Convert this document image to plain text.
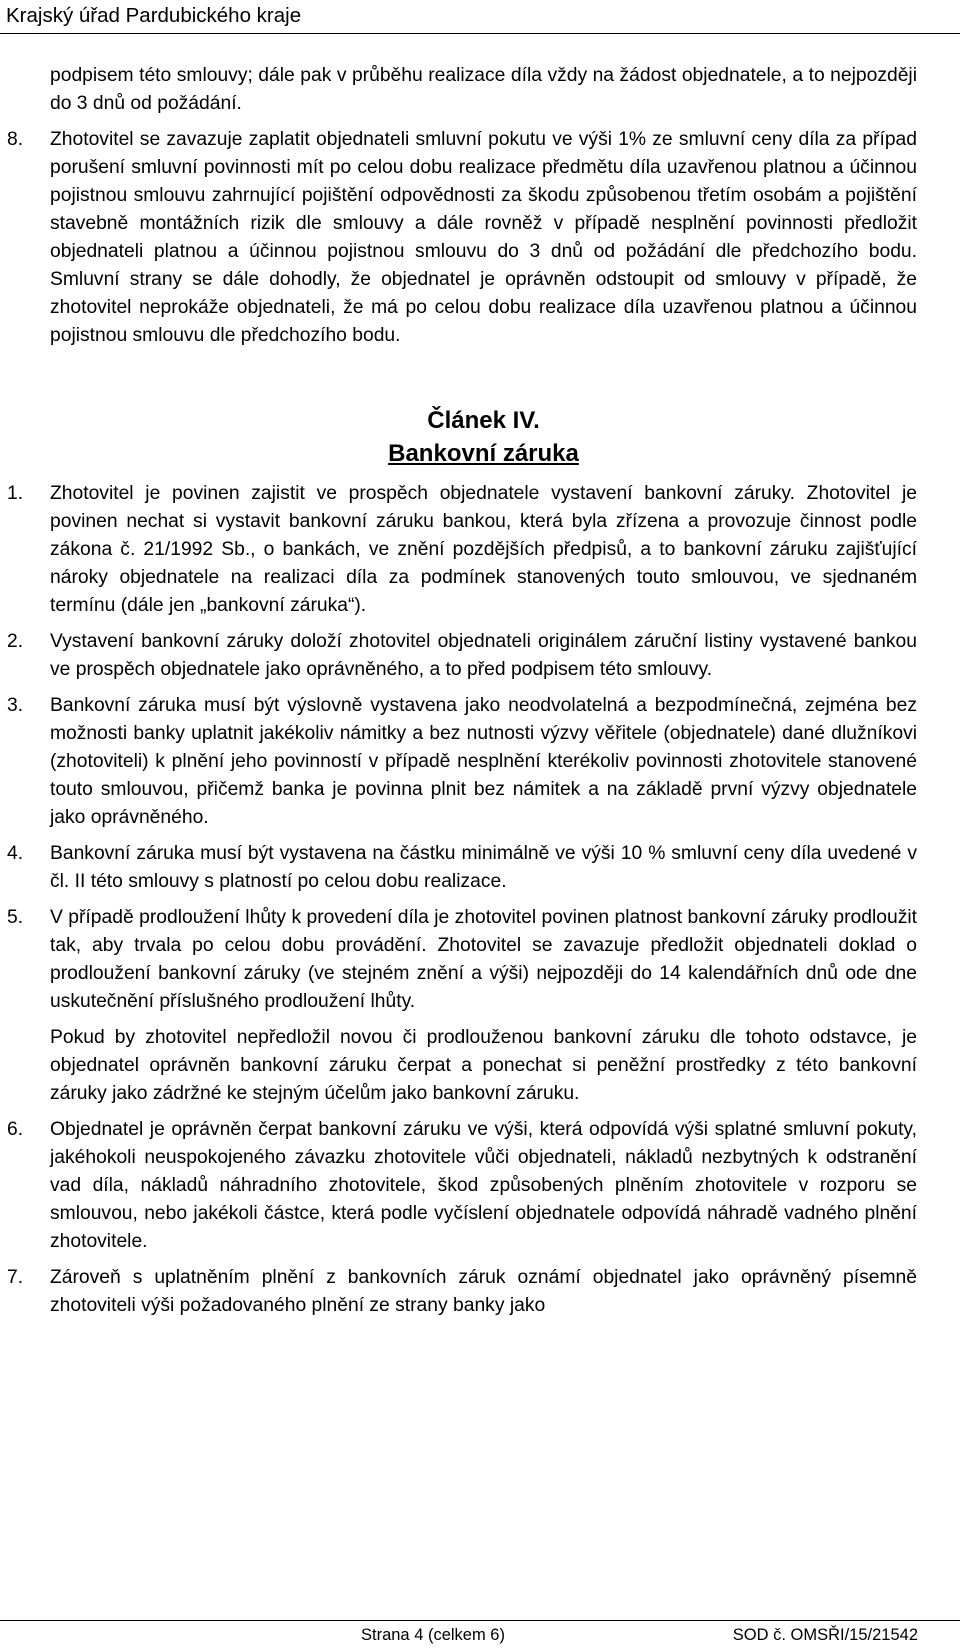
Krajský úřad Pardubického kraje

podpisem této smlouvy; dále pak v průběhu realizace díla vždy na žádost objednatele, a to nejpozději do 3 dnů od požádání.

8. Zhotovitel se zavazuje zaplatit objednateli smluvní pokutu ve výši 1% ze smluvní ceny díla za případ porušení smluvní povinnosti mít po celou dobu realizace předmětu díla uzavřenou platnou a účinnou pojistnou smlouvu zahrnující pojištění odpovědnosti za škodu způsobenou třetím osobám a pojištění stavebně montážních rizik dle smlouvy a dále rovněž v případě nesplnění povinnosti předložit objednateli platnou a účinnou pojistnou smlouvu do 3 dnů od požádání dle předchozího bodu. Smluvní strany se dále dohodly, že objednatel je oprávněn odstoupit od smlouvy v případě, že zhotovitel neprokáže objednateli, že má po celou dobu realizace díla uzavřenou platnou a účinnou pojistnou smlouvu dle předchozího bodu.

Článek IV.
Bankovní záruka
1. Zhotovitel je povinen zajistit ve prospěch objednatele vystavení bankovní záruky. Zhotovitel je povinen nechat si vystavit bankovní záruku bankou, která byla zřízena a provozuje činnost podle zákona č. 21/1992 Sb., o bankách, ve znění pozdějších předpisů, a to bankovní záruku zajišťující nároky objednatele na realizaci díla za podmínek stanovených touto smlouvou, ve sjednaném termínu (dále jen „bankovní záruka“).

2. Vystavení bankovní záruky doloží zhotovitel objednateli originálem záruční listiny vystavené bankou ve prospěch objednatele jako oprávněného, a to před podpisem této smlouvy.

3. Bankovní záruka musí být výslovně vystavena jako neodvolatelná a bezpodmínečná, zejména bez možnosti banky uplatnit jakékoliv námitky a bez nutnosti výzvy věřitele (objednatele) dané dlužníkovi (zhotoviteli) k plnění jeho povinností v případě nesplnění kterékoliv povinnosti zhotovitele stanovené touto smlouvou, přičemž banka je povinna plnit bez námitek a na základě první výzvy objednatele jako oprávněného.

4. Bankovní záruka musí být vystavena na částku minimálně ve výši 10 % smluvní ceny díla uvedené v čl. II této smlouvy s platností po celou dobu realizace.

5. V případě prodloužení lhůty k provedení díla je zhotovitel povinen platnost bankovní záruky prodloužit tak, aby trvala po celou dobu provádění. Zhotovitel se zavazuje předložit objednateli doklad o prodloužení bankovní záruky (ve stejném znění a výši) nejpozději do 14 kalendářních dnů ode dne uskutečnění příslušného prodloužení lhůty.

Pokud by zhotovitel nepředložil novou či prodlouženou bankovní záruku dle tohoto odstavce, je objednatel oprávněn bankovní záruku čerpat a ponechat si peněžní prostředky z této bankovní záruky jako zádržné ke stejným účelům jako bankovní záruku.

6. Objednatel je oprávněn čerpat bankovní záruku ve výši, která odpovídá výši splatné smluvní pokuty, jakéhokoli neuspokojeného závazku zhotovitele vůči objednateli, nákladů nezbytných k odstranění vad díla, nákladů náhradního zhotovitele, škod způsobených plněním zhotovitele v rozporu se smlouvou, nebo jakékoli částce, která podle vyčíslení objednatele odpovídá náhradě vadného plnění zhotovitele.

7. Zároveň s uplatněním plnění z bankovních záruk oznámí objednatel jako oprávněný písemně zhotoviteli výši požadovaného plnění ze strany banky jako

Strana 4 (celkem 6)	SOD č. OMSŘI/15/21542
